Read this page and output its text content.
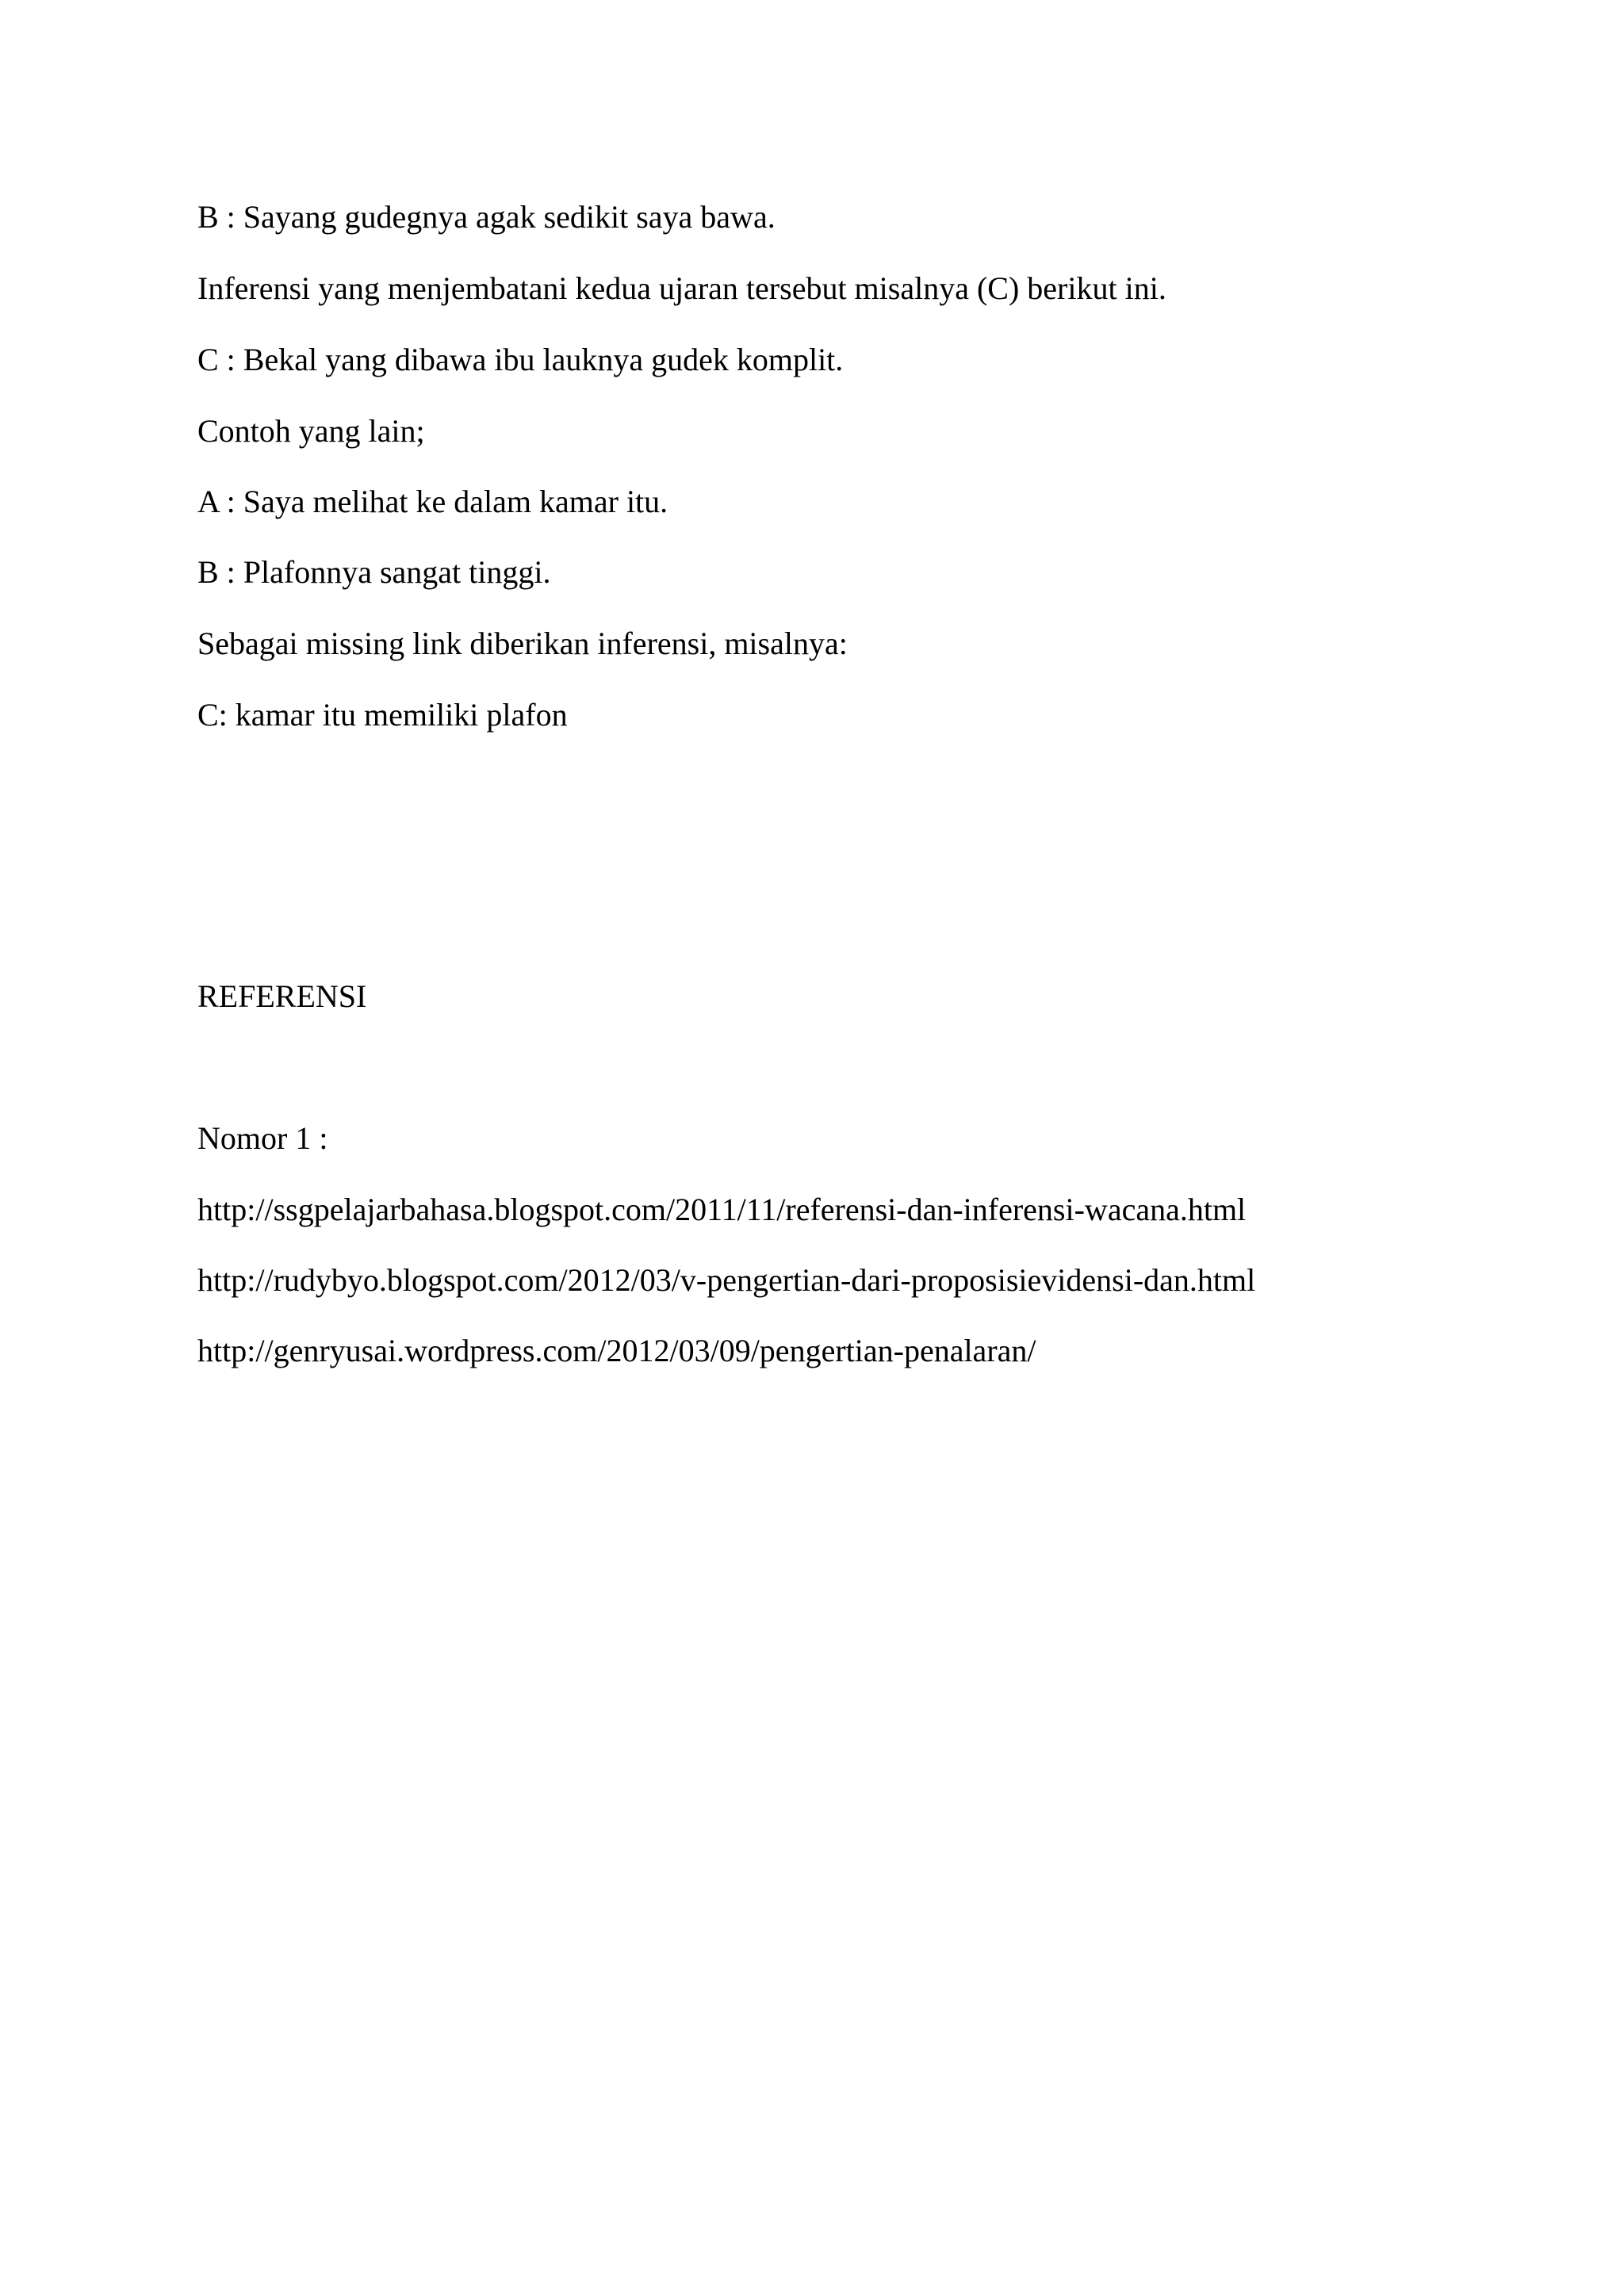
B : Sayang gudegnya agak sedikit saya bawa.

Inferensi yang menjembatani kedua ujaran tersebut misalnya (C) berikut ini.

C : Bekal yang dibawa ibu lauknya gudek komplit.

Contoh yang lain;

A : Saya melihat ke dalam kamar itu.

B : Plafonnya sangat tinggi.

Sebagai missing link diberikan inferensi, misalnya:

C: kamar itu memiliki plafon

REFERENSI

Nomor 1 :

http://ssgpelajarbahasa.blogspot.com/2011/11/referensi-dan-inferensi-wacana.html

http://rudybyo.blogspot.com/2012/03/v-pengertian-dari-proposisievidensi-dan.html

http://genryusai.wordpress.com/2012/03/09/pengertian-penalaran/
